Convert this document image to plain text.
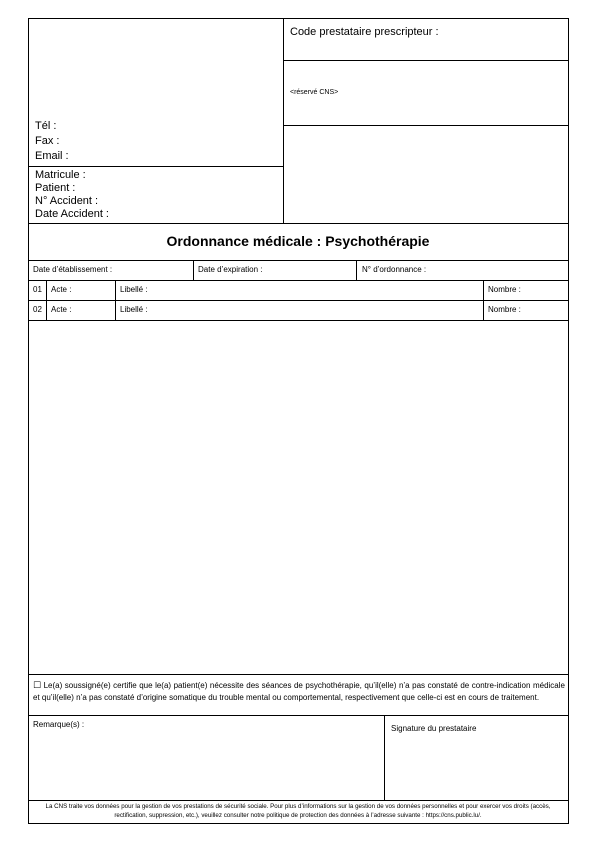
Tél :
Fax :
Email :
Code prestataire prescripteur :
<réservé CNS>
Matricule :
Patient :
N° Accident :
Date Accident :
Ordonnance médicale : Psychothérapie
Date d’établissement :	Date d’expiration :	N° d’ordonnance :
01 Acte :	Libellé :	Nombre :
02 Acte :	Libellé :	Nombre :
☐ Le(a) soussigné(e) certifie que le(a) patient(e) nécessite des séances de psychothérapie, qu’il(elle) n’a pas constaté de contre-indication médicale et qu’il(elle) n’a pas constaté d’origine somatique du trouble mental ou comportemental, respectivement que celle-ci est en cours de traitement.
Remarque(s) :	Signature du prestataire
La CNS traite vos données pour la gestion de vos prestations de sécurité sociale. Pour plus d’informations sur la gestion de vos données personnelles et pour exercer vos droits (accès, rectification, suppression, etc.), veuillez consulter notre politique de protection des données à l’adresse suivante : https://cns.public.lu/.
